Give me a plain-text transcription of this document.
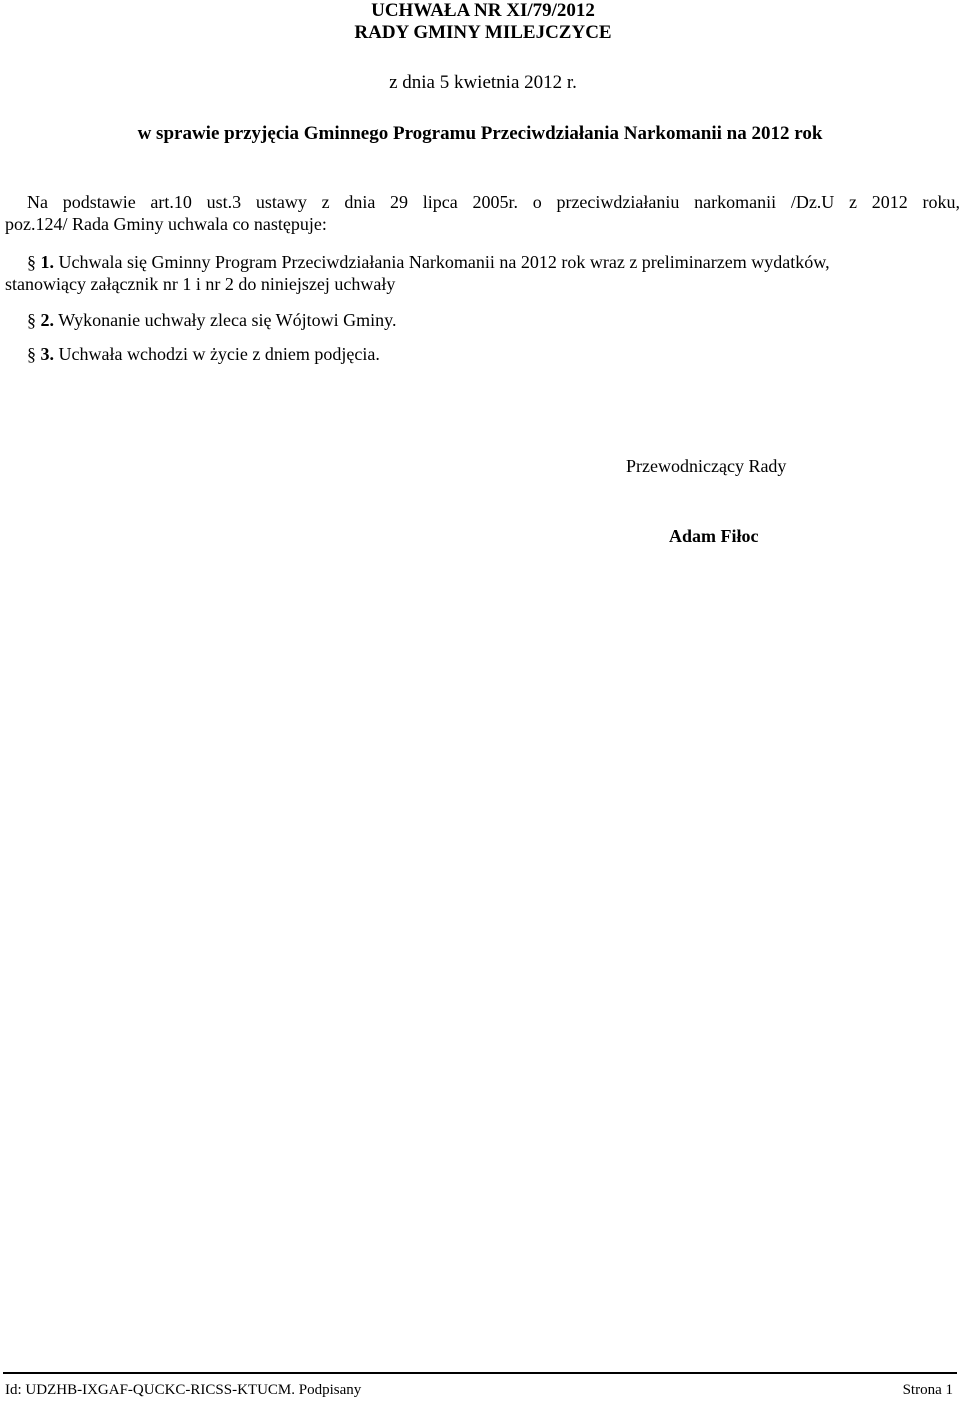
UCHWAŁA NR XI/79/2012
RADY GMINY MILEJCZYCE
z dnia 5 kwietnia 2012 r.
w sprawie przyjęcia Gminnego Programu Przeciwdziałania Narkomanii na 2012 rok
Na podstawie art.10 ust.3 ustawy z dnia 29 lipca 2005r. o przeciwdziałaniu narkomanii /Dz.U z 2012 roku,
poz.124/ Rada Gminy uchwala co następuje:
§ 1. Uchwala się Gminny Program Przeciwdziałania Narkomanii na 2012 rok wraz z preliminarzem wydatków,
stanowiący załącznik nr 1 i nr 2 do niniejszej uchwały
§ 2. Wykonanie uchwały zleca się Wójtowi Gminy.
§ 3. Uchwała wchodzi w życie z dniem podjęcia.
Przewodniczący Rady
Adam Fiłoc
Id: UDZHB-IXGAF-QUCKC-RICSS-KTUCM. Podpisany	Strona 1
